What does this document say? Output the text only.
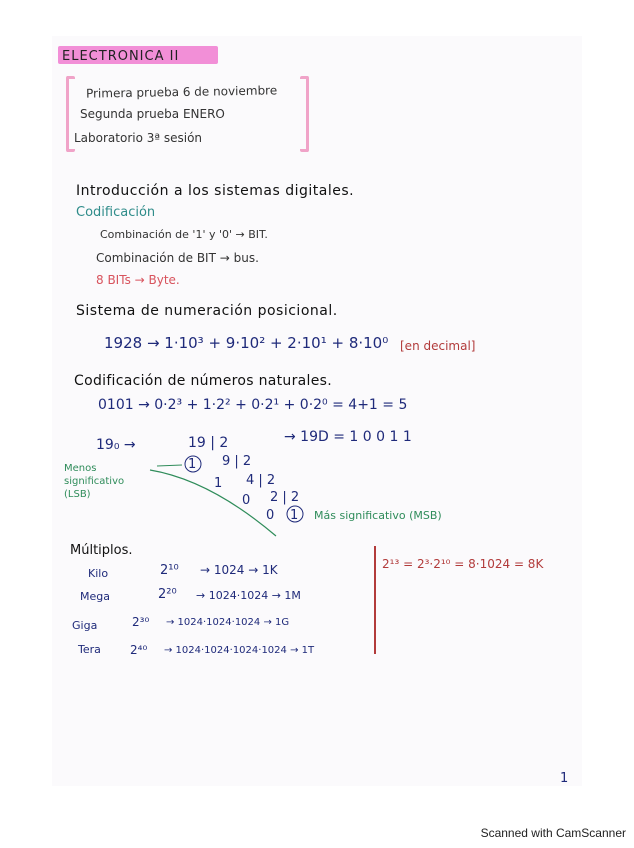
ELECTRONICA II
Primera prueba 6 de noviembre
Segunda prueba ENERO
Laboratorio 3ª sesión
Introducción a los sistemas digitales.
Codificación
Combinación de '1' y '0' → BIT.
Combinación de BIT → bus.
8 BITs → Byte.
Sistema de numeración posicional.
1928 → 1·10³ + 9·10² + 2·10¹ + 8·10⁰ [en decimal]
Codificación de números naturales.
0101 → 0·2³ + 1·2² + 0·2¹ + 0·2⁰ = 4+1 = 5
19₀ →	19 | 2
9 | 2
4 | 2
2 | 2
1
1
0
0 1
→ 19D = 1 0 0 1 1
Menos significativo (LSB)
Más significativo (MSB)
Múltiplos.
Kilo	2¹⁰ → 1024 → 1K
Mega	2²⁰ → 1024·1024 → 1M
Giga	2³⁰ → 1024·1024·1024 → 1G
Tera 2⁴⁰ → 1024·1024·1024·1024 → 1T
2¹³ = 2³·2¹⁰ = 8·1024 = 8K
1
Scanned with CamScanner
